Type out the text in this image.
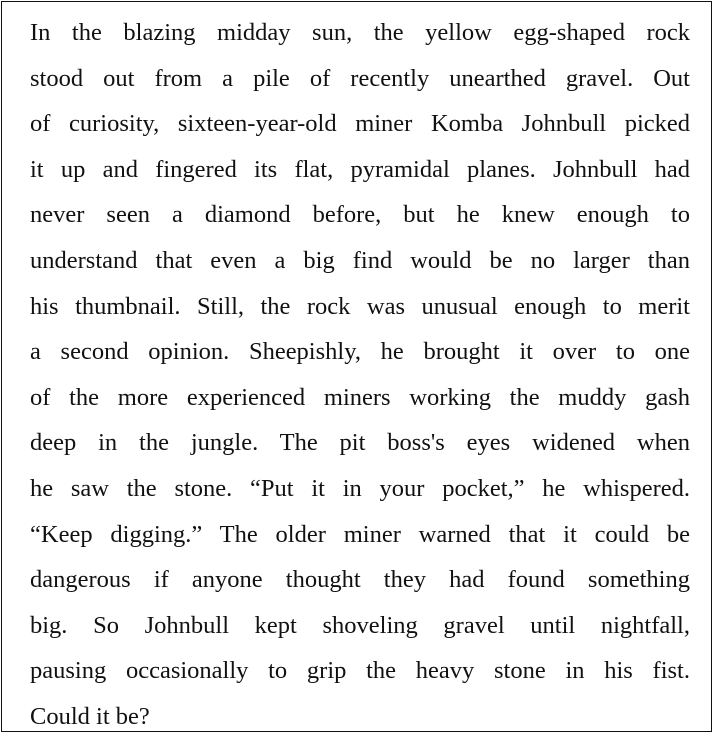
In the blazing midday sun, the yellow egg-shaped rock
stood out from a pile of recently unearthed gravel. Out
of curiosity, sixteen-year-old miner Komba Johnbull picked
it up and fingered its flat, pyramidal planes. Johnbull had
never seen a diamond before, but he knew enough to
understand that even a big find would be no larger than
his thumbnail. Still, the rock was unusual enough to merit
a second opinion. Sheepishly, he brought it over to one
of the more experienced miners working the muddy gash
deep in the jungle. The pit boss's eyes widened when
he saw the stone. “Put it in your pocket,” he whispered.
“Keep digging.” The older miner warned that it could be
dangerous if anyone thought they had found something
big. So Johnbull kept shoveling gravel until nightfall,
pausing occasionally to grip the heavy stone in his fist.
Could it be?
